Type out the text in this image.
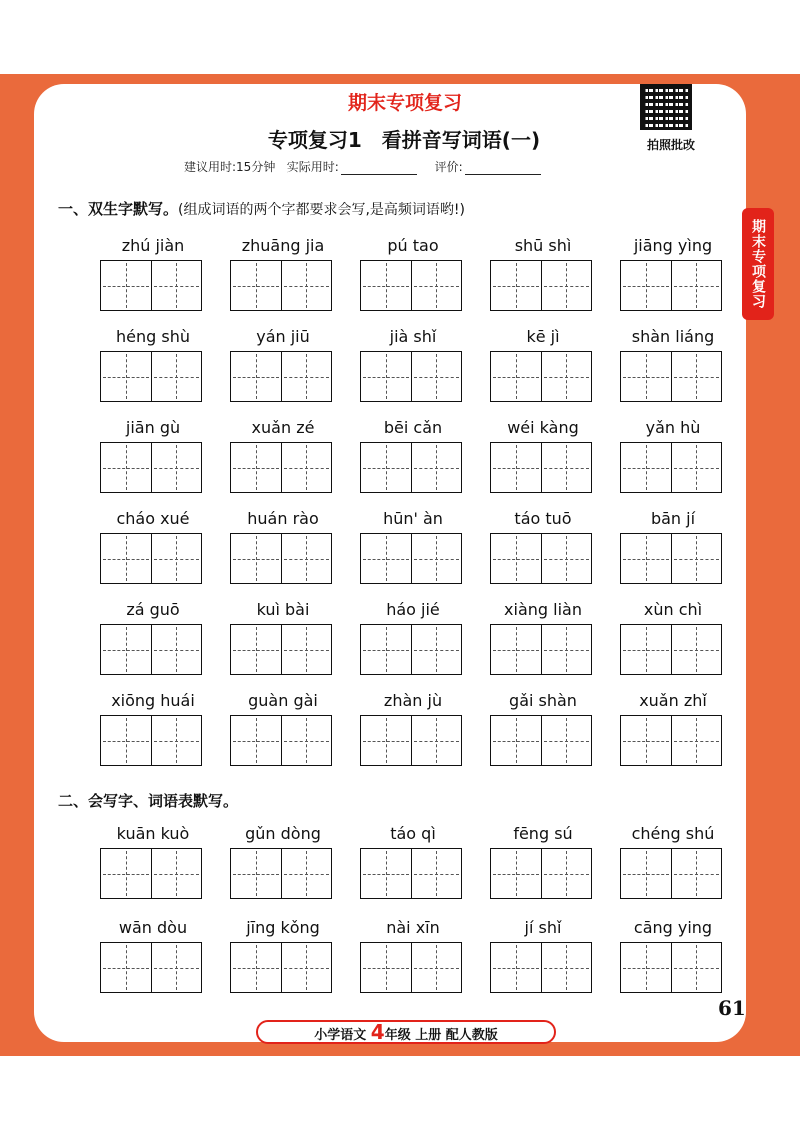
期末专项复习
拍照批改
专项复习1　看拼音写词语(一)
建议用时:15分钟 实际用时:	评价:
一、双生字默写。(组成词语的两个字都要求会写,是高频词语哟!)
zhú jiàn	zhuāng jia	pú tao	shū shì	jiāng yìng
héng shù	yán jiū	jià shǐ	kē jì	shàn liáng
jiān gù	xuǎn zé	bēi cǎn	wéi kàng	yǎn hù
cháo xué	huán rào	hūn' àn	táo tuō	bān jí
zá guō	kuì bài	háo jié	xiàng liàn	xùn chì
xiōng huái	guàn gài	zhàn jù	gǎi shàn	xuǎn zhǐ
二、会写字、词语表默写。
kuān kuò	gǔn dòng	táo qì	fēng sú	chéng shú
wān dòu	jīng kǒng	nài xīn	jí shǐ	cāng ying
小学语文 4年级 上册 配人教版
期末专项复习
61
